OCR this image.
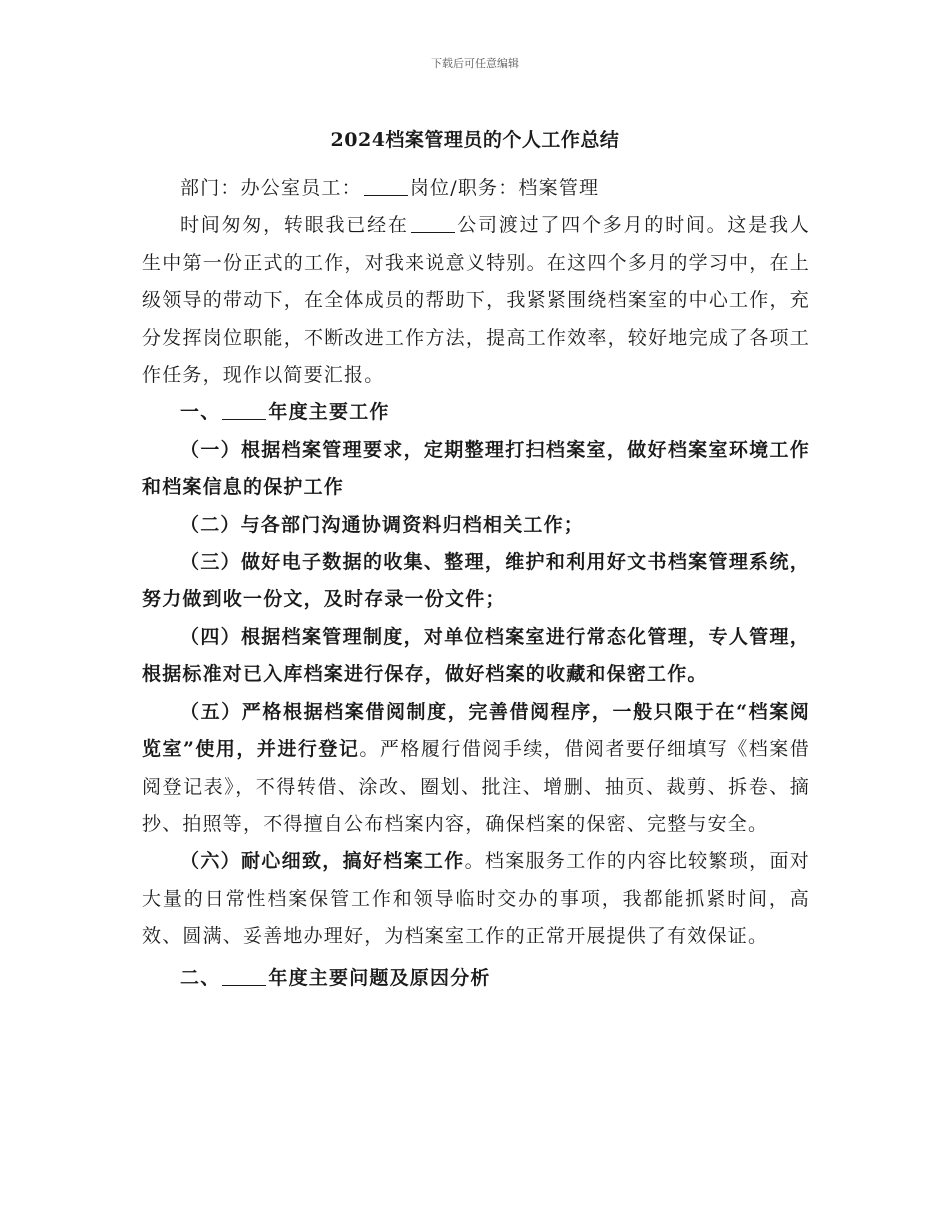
下载后可任意编辑
2024档案管理员的个人工作总结

部门：办公室员工：	岗位/职务：档案管理

时间匆匆，转眼我已经在	公司渡过了四个多月的时间。这是我人生中第一份正式的工作，对我来说意义特别。在这四个多月的学习中，在上级领导的带动下，在全体成员的帮助下，我紧紧围绕档案室的中心工作，充分发挥岗位职能，不断改进工作方法，提高工作效率，较好地完成了各项工作任务，现作以简要汇报。

一、	年度主要工作

（一）根据档案管理要求，定期整理打扫档案室，做好档案室环境工作和档案信息的保护工作

（二）与各部门沟通协调资料归档相关工作；

（三）做好电子数据的收集、整理，维护和利用好文书档案管理系统，努力做到收一份文，及时存录一份文件；

（四）根据档案管理制度，对单位档案室进行常态化管理，专人管理，根据标准对已入库档案进行保存，做好档案的收藏和保密工作。

（五）严格根据档案借阅制度，完善借阅程序，一般只限于在“档案阅览室”使用，并进行登记。严格履行借阅手续，借阅者要仔细填写《档案借阅登记表》，不得转借、涂改、圈划、批注、增删、抽页、裁剪、拆卷、摘抄、拍照等，不得擅自公布档案内容，确保档案的保密、完整与安全。

（六）耐心细致，搞好档案工作。档案服务工作的内容比较繁琐，面对大量的日常性档案保管工作和领导临时交办的事项，我都能抓紧时间，高效、圆满、妥善地办理好，为档案室工作的正常开展提供了有效保证。

二、	年度主要问题及原因分析
